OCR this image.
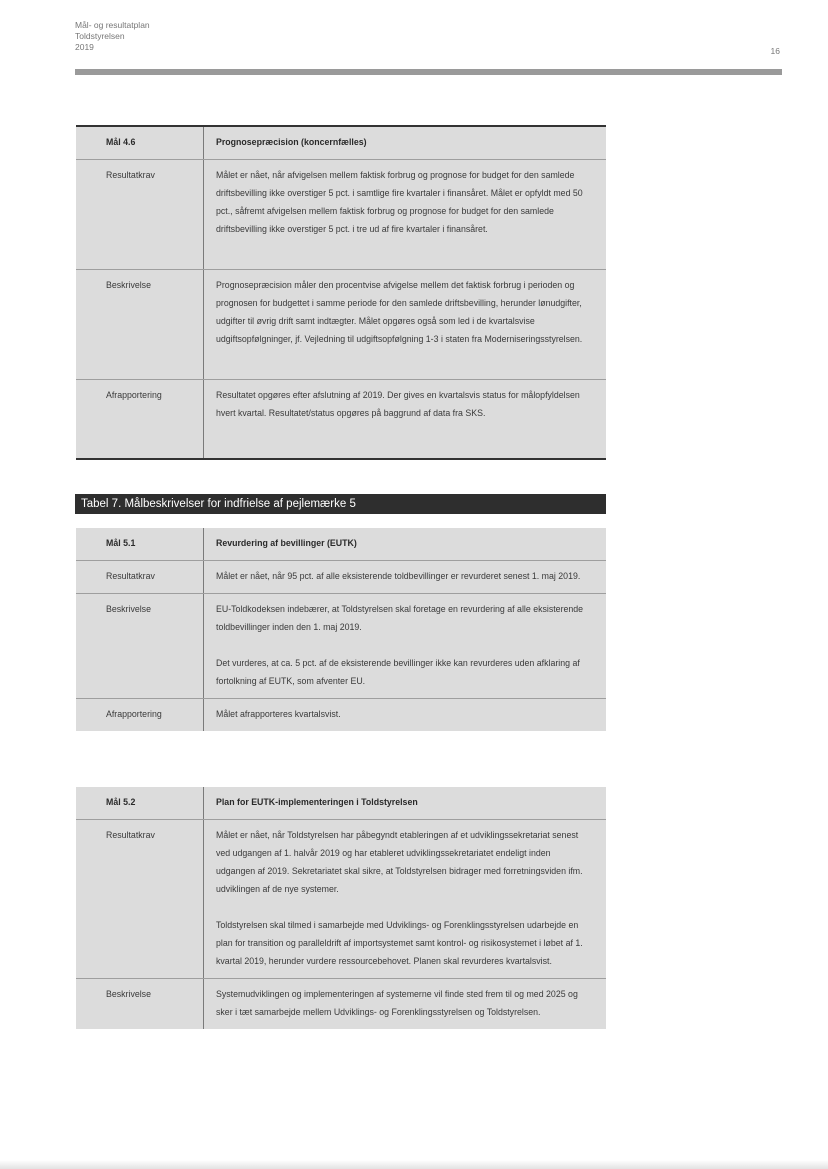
Mål- og resultatplan
Toldstyrelsen
2019	16
Mål 4.6	Prognosepræcision (koncernfælles)
Resultatkrav	Målet er nået, når afvigelsen mellem faktisk forbrug og prognose for budget for den samlede driftsbevilling ikke overstiger 5 pct. i samtlige fire kvartaler i finansåret. Målet er opfyldt med 50 pct., såfremt afvigelsen mellem faktisk forbrug og prognose for budget for den samlede driftsbevilling ikke overstiger 5 pct. i tre ud af fire kvartaler i finansåret.
Beskrivelse	Prognosepræcision måler den procentvise afvigelse mellem det faktisk forbrug i perioden og prognosen for budgettet i samme periode for den samlede driftsbevilling, herunder lønudgifter, udgifter til øvrig drift samt indtægter. Målet opgøres også som led i de kvartalsvise udgiftsopfølgninger, jf. Vejledning til udgiftsopfølgning 1-3 i staten fra Moderniseringsstyrelsen.
Afrapportering	Resultatet opgøres efter afslutning af 2019. Der gives en kvartalsvis status for målopfyldelsen hvert kvartal. Resultatet/status opgøres på baggrund af data fra SKS.
Tabel 7. Målbeskrivelser for indfrielse af pejlemærke 5
Mål 5.1	Revurdering af bevillinger (EUTK)
Resultatkrav	Målet er nået, når 95 pct. af alle eksisterende toldbevillinger er revurderet senest 1. maj 2019.
Beskrivelse	EU-Toldkodeksen indebærer, at Toldstyrelsen skal foretage en revurdering af alle eksisterende toldbevillinger inden den 1. maj 2019.

Det vurderes, at ca. 5 pct. af de eksisterende bevillinger ikke kan revurderes uden afklaring af fortolkning af EUTK, som afventer EU.

Afrapportering	Målet afrapporteres kvartalsvist.
Mål 5.2	Plan for EUTK-implementeringen i Toldstyrelsen
Resultatkrav	Målet er nået, når Toldstyrelsen har påbegyndt etableringen af et udviklingssekretariat senest ved udgangen af 1. halvår 2019 og har etableret udviklingssekretariatet endeligt inden udgangen af 2019. Sekretariatet skal sikre, at Toldstyrelsen bidrager med forretningsviden ifm. udviklingen af de nye systemer.

Toldstyrelsen skal tilmed i samarbejde med Udviklings- og Forenklingsstyrelsen udarbejde en plan for transition og paralleldrift af importsystemet samt kontrol- og risikosystemet i løbet af 1. kvartal 2019, herunder vurdere ressourcebehovet. Planen skal revurderes kvartalsvist.

Beskrivelse	Systemudviklingen og implementeringen af systemerne vil finde sted frem til og med 2025 og sker i tæt samarbejde mellem Udviklings- og Forenklingsstyrelsen og Toldstyrelsen.
